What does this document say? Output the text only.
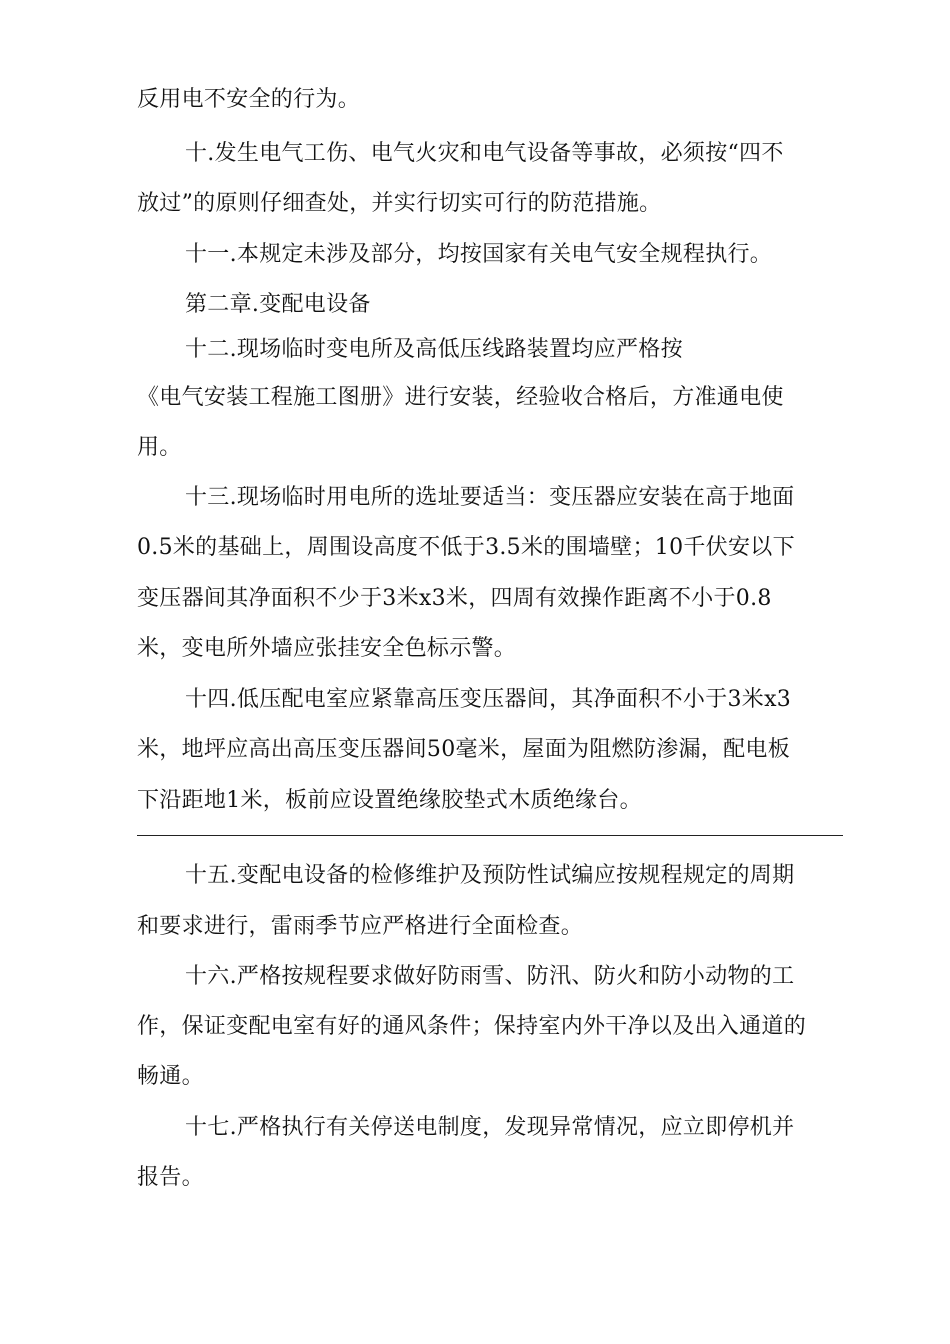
反用电不安全的行为。
十.发生电气工伤、电气火灾和电气设备等事故，必须按“四不
放过”的原则仔细查处，并实行切实可行的防范措施。
十一.本规定未涉及部分，均按国家有关电气安全规程执行。
第二章.变配电设备
十二.现场临时变电所及高低压线路装置均应严格按
《电气安装工程施工图册》进行安装，经验收合格后，方准通电使
用。
十三.现场临时用电所的选址要适当：变压器应安装在高于地面
0.5米的基础上，周围设高度不低于3.5米的围墙壁；10千伏安以下
变压器间其净面积不少于3米x3米，四周有效操作距离不小于0.8
米，变电所外墙应张挂安全色标示警。
十四.低压配电室应紧靠高压变压器间，其净面积不小于3米x3
米，地坪应高出高压变压器间50毫米，屋面为阻燃防渗漏，配电板
下沿距地1米，板前应设置绝缘胶垫式木质绝缘台。
十五.变配电设备的检修维护及预防性试编应按规程规定的周期
和要求进行，雷雨季节应严格进行全面检查。
十六.严格按规程要求做好防雨雪、防汛、防火和防小动物的工
作，保证变配电室有好的通风条件；保持室内外干净以及出入通道的
畅通。
十七.严格执行有关停送电制度，发现异常情况，应立即停机并
报告。
